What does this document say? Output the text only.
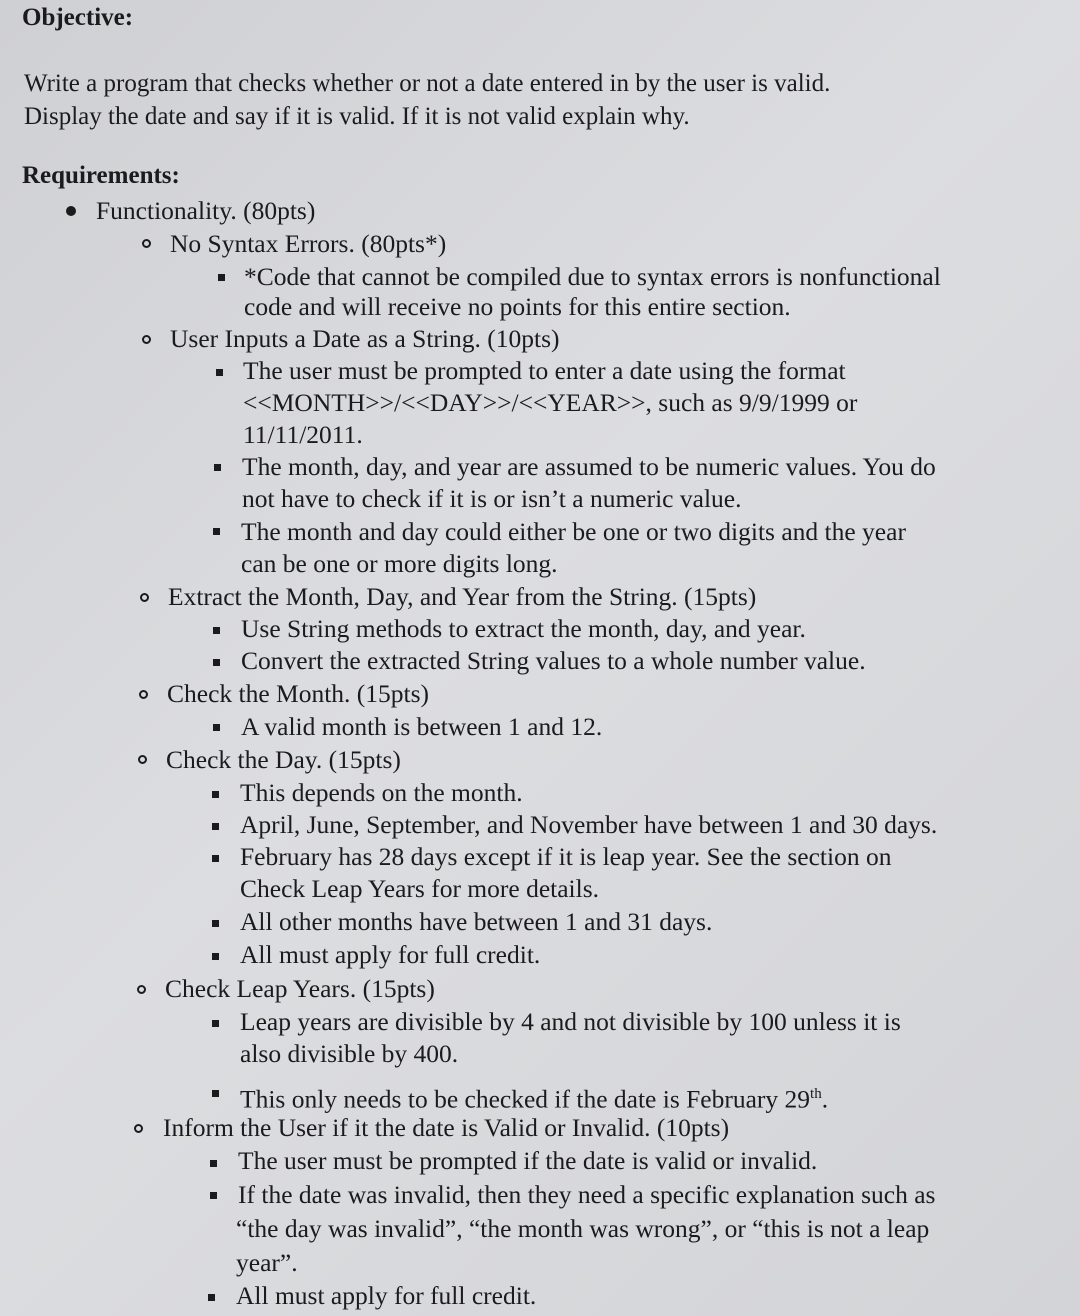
Objective:
Write a program that checks whether or not a date entered in by the user is valid.
Display the date and say if it is valid. If it is not valid explain why.
Requirements:
Functionality. (80pts)
No Syntax Errors. (80pts*)
*Code that cannot be compiled due to syntax errors is nonfunctional
code and will receive no points for this entire section.
User Inputs a Date as a String. (10pts)
The user must be prompted to enter a date using the format
<<MONTH>>/<<DAY>>/<<YEAR>>, such as 9/9/1999 or
11/11/2011.
The month, day, and year are assumed to be numeric values. You do
not have to check if it is or isn’t a numeric value.
The month and day could either be one or two digits and the year
can be one or more digits long.
Extract the Month, Day, and Year from the String. (15pts)
Use String methods to extract the month, day, and year.
Convert the extracted String values to a whole number value.
Check the Month. (15pts)
A valid month is between 1 and 12.
Check the Day. (15pts)
This depends on the month.
April, June, September, and November have between 1 and 30 days.
February has 28 days except if it is leap year. See the section on
Check Leap Years for more details.
All other months have between 1 and 31 days.
All must apply for full credit.
Check Leap Years. (15pts)
Leap years are divisible by 4 and not divisible by 100 unless it is
also divisible by 400.
This only needs to be checked if the date is February 29th.
Inform the User if it the date is Valid or Invalid. (10pts)
The user must be prompted if the date is valid or invalid.
If the date was invalid, then they need a specific explanation such as
“the day was invalid”, “the month was wrong”, or “this is not a leap
year”.
All must apply for full credit.
